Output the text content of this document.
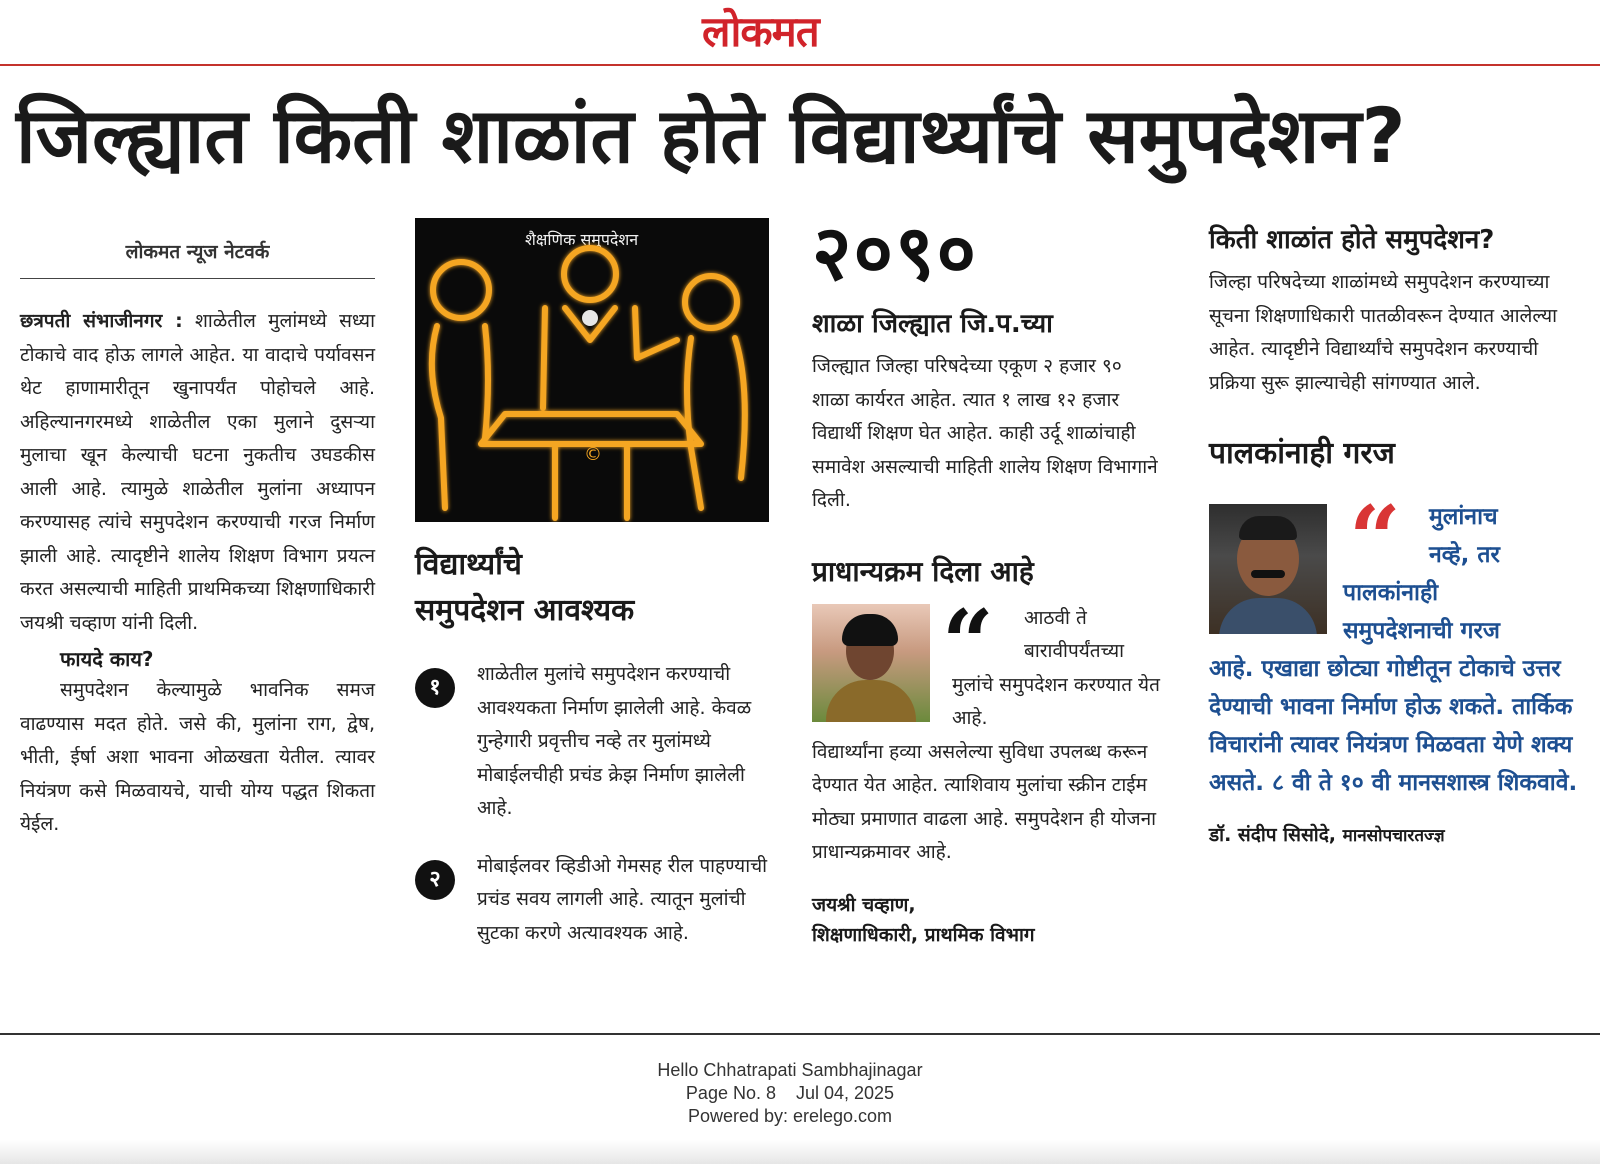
लोकमत
जिल्ह्यात किती शाळांत होते विद्यार्थ्यांचे समुपदेशन?
लोकमत न्यूज नेटवर्क

छत्रपती संभाजीनगर : शाळेतील मुलांमध्ये सध्या टोकाचे वाद होऊ लागले आहेत. या वादाचे पर्यावसन थेट हाणामारीतून खुनापर्यंत पोहोचले आहे. अहिल्यानगरमध्ये शाळेतील एका मुलाने दुसऱ्या मुलाचा खून केल्याची घटना नुकतीच उघडकीस आली आहे. त्यामुळे शाळेतील मुलांना अध्यापन करण्यासह त्यांचे समुपदेशन करण्याची गरज निर्माण झाली आहे. त्यादृष्टीने शालेय शिक्षण विभाग प्रयत्न करत असल्याची माहिती प्राथमिकच्या शिक्षणाधिकारी जयश्री चव्हाण यांनी दिली.

फायदे काय?

समुपदेशन केल्यामुळे भावनिक समज वाढण्यास मदत होते. जसे की, मुलांना राग, द्वेष, भीती, ईर्षा अशा भावना ओळखता येतील. त्यावर नियंत्रण कसे मिळवायचे, याची योग्य पद्धत शिकता येईल.

शैक्षणिक समुपदेशन
©
विद्यार्थ्यांचे
समुपदेशन आवश्यक
१

शाळेतील मुलांचे समुपदेशन करण्याची आवश्यकता निर्माण झालेली आहे. केवळ गुन्हेगारी प्रवृत्तीच नव्हे तर मुलांमध्ये मोबाईलचीही प्रचंड क्रेझ निर्माण झालेली आहे.

२

मोबाईलवर व्हिडीओ गेमसह रील पाहण्याची प्रचंड सवय लागली आहे. त्यातून मुलांची सुटका करणे अत्यावश्यक आहे.

२०९०
शाळा जिल्ह्यात जि.प.च्या

जिल्ह्यात जिल्हा परिषदेच्या एकूण २ हजार ९० शाळा कार्यरत आहेत. त्यात १ लाख १२ हजार विद्यार्थी शिक्षण घेत आहेत. काही उर्दू शाळांचाही समावेश असल्याची माहिती शालेय शिक्षण विभागाने दिली.

प्राधान्यक्रम दिला आहे
“	आठवी ते बारावीपर्यंतच्या

मुलांचे समुपदेशन करण्यात येत आहे.

विद्यार्थ्यांना हव्या असलेल्या सुविधा उपलब्ध करून देण्यात येत आहेत. त्याशिवाय मुलांचा स्क्रीन टाईम मोठ्या प्रमाणात वाढला आहे. समुपदेशन ही योजना प्राधान्यक्रमावर आहे.

जयश्री चव्हाण,
शिक्षणाधिकारी, प्राथमिक विभाग
किती शाळांत होते समुपदेशन?

जिल्हा परिषदेच्या शाळांमध्ये समुपदेशन करण्याच्या सूचना शिक्षणाधिकारी पातळीवरून देण्यात आलेल्या आहेत. त्यादृष्टीने विद्यार्थ्यांचे समुपदेशन करण्याची प्रक्रिया सुरू झाल्याचेही सांगण्यात आले.

पालकांनाही गरज
“	मुलांनाच
नव्हे, तर
पालकांनाही
समुपदेशनाची गरज
आहे. एखाद्या छोट्या गोष्टीतून टोकाचे उत्तर देण्याची भावना निर्माण होऊ शकते. तार्किक विचारांनी त्यावर नियंत्रण मिळवता येणे शक्य असते. ८ वी ते १० वी मानसशास्त्र शिकवावे.
डॉ. संदीप सिसोदे, मानसोपचारतज्ज्ञ
Hello Chhatrapati Sambhajinagar
Page No. 8    Jul 04, 2025
Powered by: erelego.com
